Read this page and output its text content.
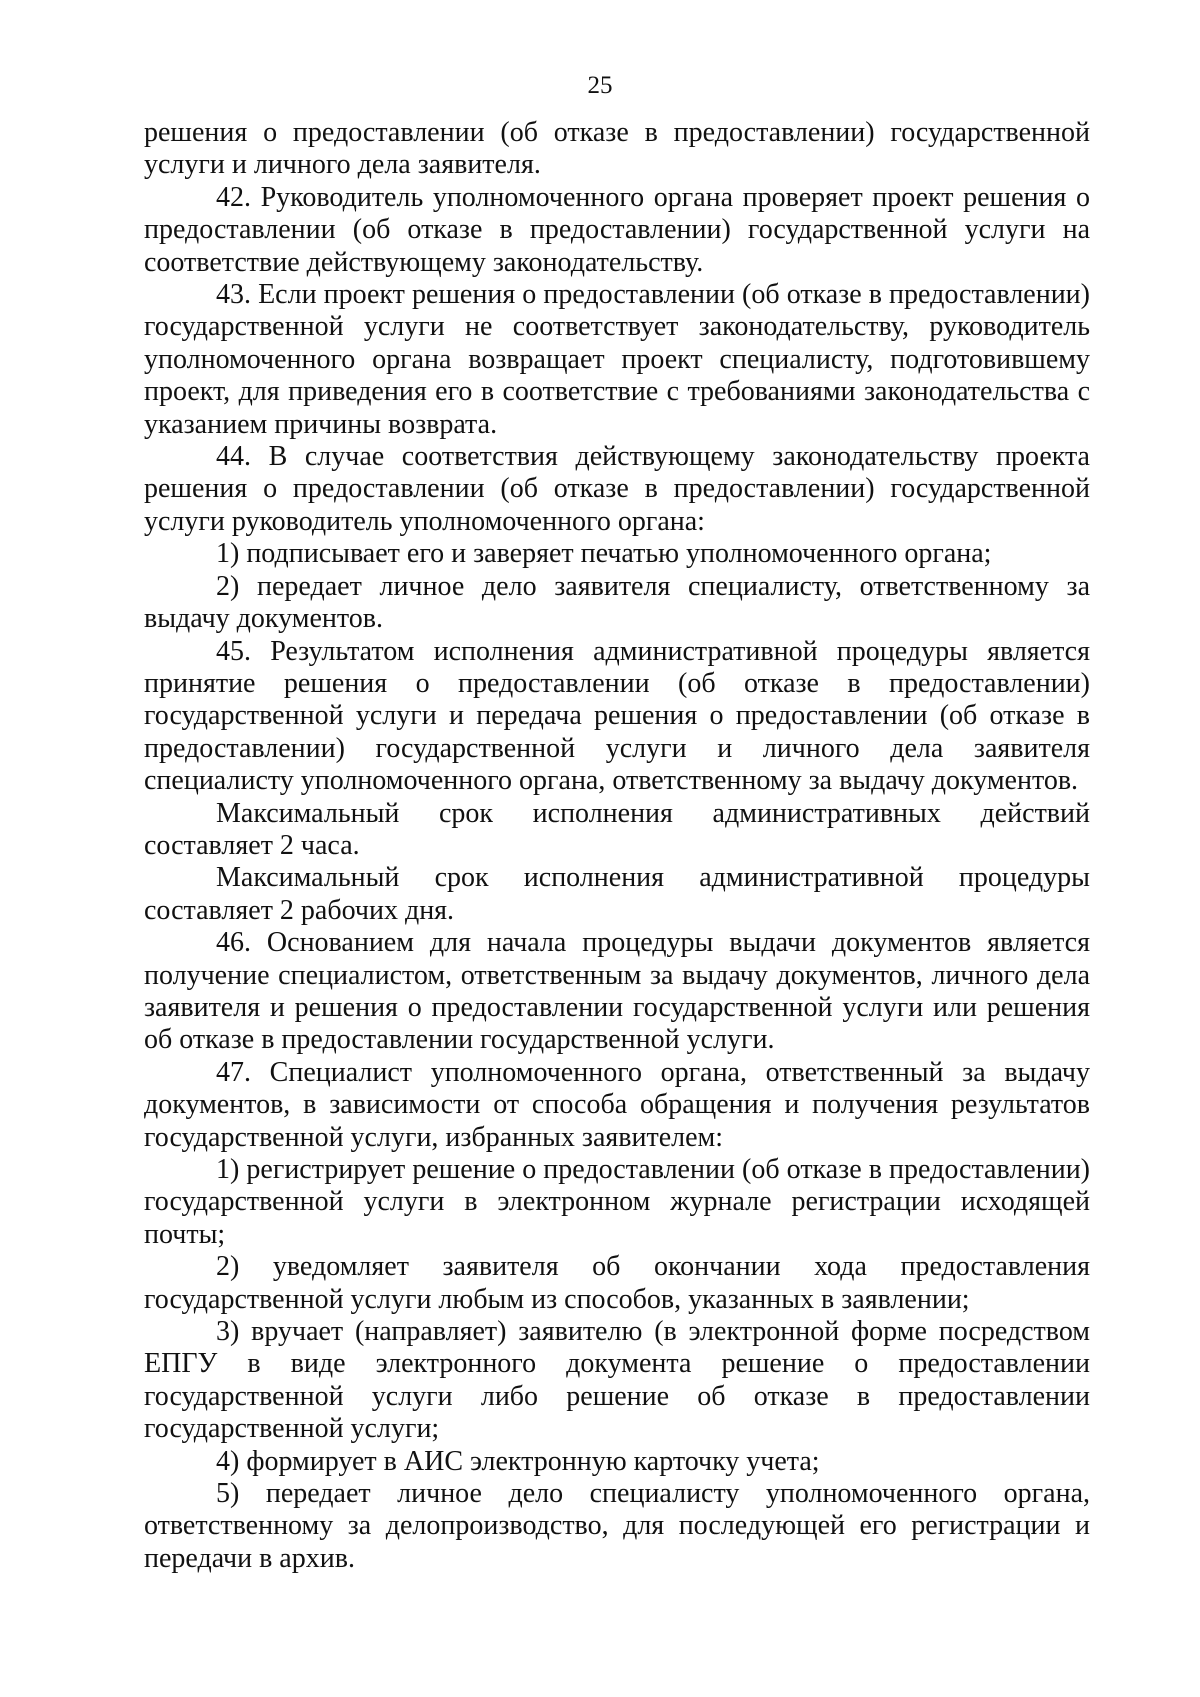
25

решения о предоставлении (об отказе в предоставлении) государственной услуги и личного дела заявителя.

42. Руководитель уполномоченного органа проверяет проект решения о предоставлении (об отказе в предоставлении) государственной услуги на соответствие действующему законодательству.

43. Если проект решения о предоставлении (об отказе в предоставлении) государственной услуги не соответствует законодательству, руководитель уполномоченного органа возвращает проект специалисту, подготовившему проект, для приведения его в соответствие с требованиями законодательства с указанием причины возврата.

44. В случае соответствия действующему законодательству проекта решения о предоставлении (об отказе в предоставлении) государственной услуги руководитель уполномоченного органа:

1) подписывает его и заверяет печатью уполномоченного органа;

2) передает личное дело заявителя специалисту, ответственному за выдачу документов.

45. Результатом исполнения административной процедуры является принятие решения о предоставлении (об отказе в предоставлении) государственной услуги и передача решения о предоставлении (об отказе в предоставлении) государственной услуги и личного дела заявителя специалисту уполномоченного органа, ответственному за выдачу документов.

Максимальный срок исполнения административных действий составляет 2 часа.

Максимальный срок исполнения административной процедуры составляет 2 рабочих дня.

46. Основанием для начала процедуры выдачи документов является получение специалистом, ответственным за выдачу документов, личного дела заявителя и решения о предоставлении государственной услуги или решения об отказе в предоставлении государственной услуги.

47. Специалист уполномоченного органа, ответственный за выдачу документов, в зависимости от способа обращения и получения результатов государственной услуги, избранных заявителем:

1) регистрирует решение о предоставлении (об отказе в предоставлении) государственной услуги в электронном журнале регистрации исходящей почты;

2) уведомляет заявителя об окончании хода предоставления государственной услуги любым из способов, указанных в заявлении;

3) вручает (направляет) заявителю (в электронной форме посредством ЕПГУ в виде электронного документа решение о предоставлении государственной услуги либо решение об отказе в предоставлении государственной услуги;

4) формирует в АИС электронную карточку учета;

5) передает личное дело специалисту уполномоченного органа, ответственному за делопроизводство, для последующей его регистрации и передачи в архив.
